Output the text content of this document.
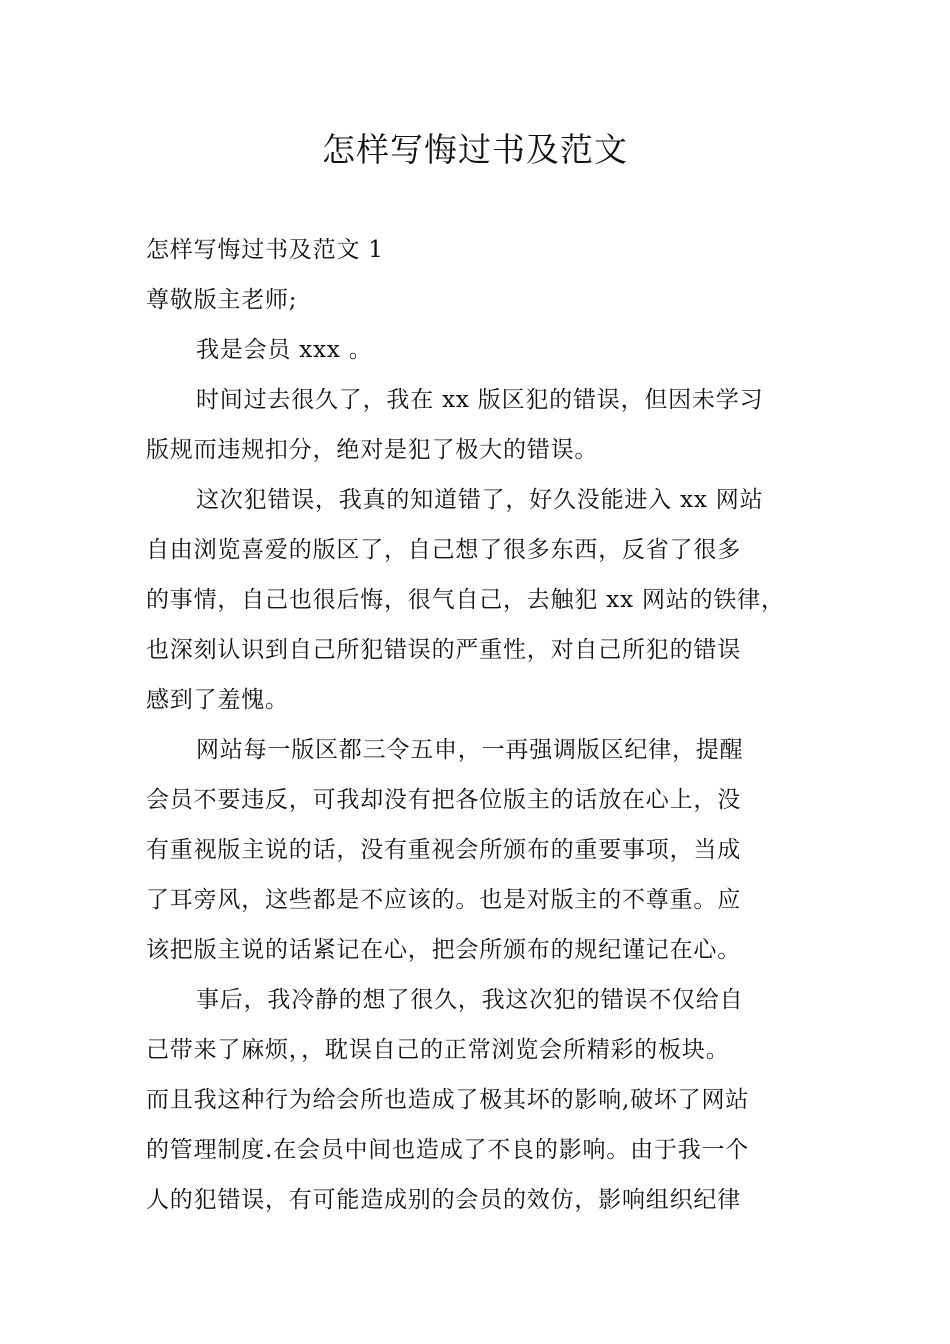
怎样写悔过书及范文

怎样写悔过书及范文 1

尊敬版主老师;

我是会员 xxx 。

时间过去很久了，我在 xx 版区犯的错误，但因未学习

版规而违规扣分，绝对是犯了极大的错误。

这次犯错误，我真的知道错了，好久没能进入 xx 网站

自由浏览喜爱的版区了，自己想了很多东西，反省了很多

的事情，自己也很后悔，很气自己，去触犯 xx 网站的铁律，

也深刻认识到自己所犯错误的严重性，对自己所犯的错误

感到了羞愧。

网站每一版区都三令五申，一再强调版区纪律，提醒

会员不要违反，可我却没有把各位版主的话放在心上，没

有重视版主说的话，没有重视会所颁布的重要事项，当成

了耳旁风，这些都是不应该的。也是对版主的不尊重。应

该把版主说的话紧记在心，把会所颁布的规纪谨记在心。

事后，我冷静的想了很久，我这次犯的错误不仅给自

己带来了麻烦，，耽误自己的正常浏览会所精彩的板块。

而且我这种行为给会所也造成了极其坏的影响,破坏了网站

的管理制度.在会员中间也造成了不良的影响。由于我一个

人的犯错误，有可能造成别的会员的效仿，影响组织纪律
